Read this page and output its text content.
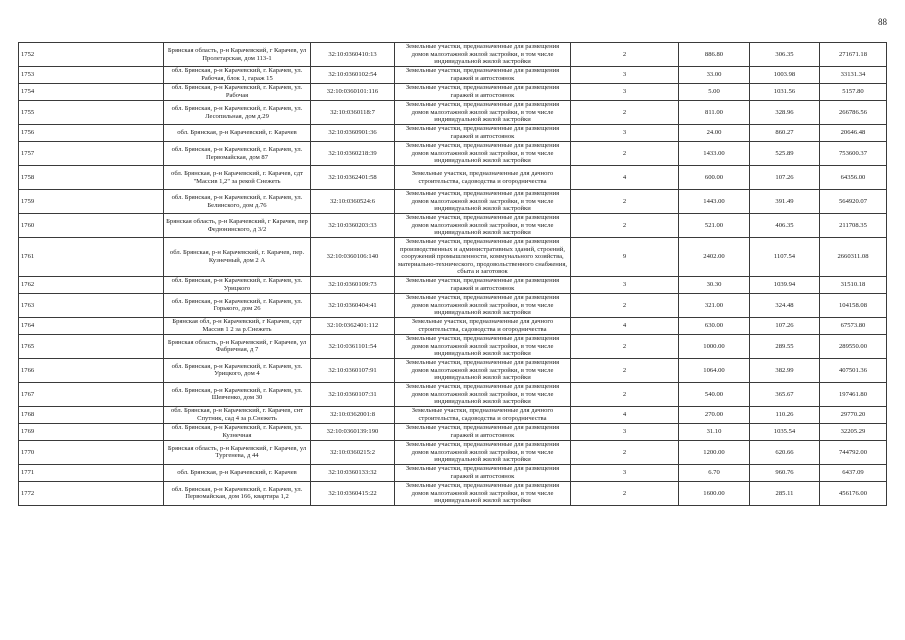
88
1752	Брянская область, р-н Карачевский, г Карачев, ул Пролетарская, дом 113-1	32:10:0360410:13	Земельные участки, предназначенные для размещения домов малоэтажной жилой застройки, в том числе индивидуальной жилой застройки	2	886.80	306.35	271671.18
1753	обл. Брянская, р-н Карачевский, г. Карачев, ул. Рабочая, блок 1, гараж 15	32:10:0360102:54	Земельные участки, предназначенные для размещения гаражей и автостоянок	3	33.00	1003.98	33131.34
1754	обл. Брянская, р-н Карачевский, г. Карачев, ул. Рабочая	32:10:0360101:116	Земельные участки, предназначенные для размещения гаражей и автостоянок	3	5.00	1031.56	5157.80
1755	обл. Брянская, р-н Карачевский, г. Карачев, ул. Лесопильная, дом д.29	32:10:0360118:7	Земельные участки, предназначенные для размещения домов малоэтажной жилой застройки, в том числе индивидуальной жилой застройки	2	811.00	328.96	266786.56
1756	обл. Брянская, р-н Карачевский, г. Карачев	32:10:0360901:36	Земельные участки, предназначенные для размещения гаражей и автостоянок	3	24.00	860.27	20646.48
1757	обл. Брянская, р-н Карачевский, г. Карачев, ул. Первомайская, дом 87	32:10:0360218:39	Земельные участки, предназначенные для размещения домов малоэтажной жилой застройки, в том числе индивидуальной жилой застройки	2	1433.00	525.89	753600.37
1758	обл. Брянская, р-н Карачевский, г. Карачев, сдт "Массив 1,2" за рекой Снежеть	32:10:0362401:58	Земельные участки, предназначенные для дачного строительства, садоводства и огородничества	4	600.00	107.26	64356.00
1759	обл. Брянская, р-н Карачевский, г. Карачев, ул. Белинского, дом д.76	32:10:0360524:6	Земельные участки, предназначенные для размещения домов малоэтажной жилой застройки, в том числе индивидуальной жилой застройки	2	1443.00	391.49	564920.07
1760	Брянская область, р-н Карачевский, г Карачев, пер Федюнинского, д 3/2	32:10:0360203:33	Земельные участки, предназначенные для размещения домов малоэтажной жилой застройки, в том числе индивидуальной жилой застройки	2	521.00	406.35	211708.35
1761	обл. Брянская, р-н Карачевский, г. Карачев, пер. Кузнечный, дом 2 А	32:10:0360106:140	Земельные участки, предназначенные для размещения производственных и административных зданий, строений, сооружений промышленности, коммунального хозяйства, материально-технического, продовольственного снабжения, сбыта и заготовок	9	2402.00	1107.54	2660311.08
1762	обл. Брянская, р-н Карачевский, г. Карачев, ул. Урицкого	32:10:0360109:73	Земельные участки, предназначенные для размещения гаражей и автостоянок	3	30.30	1039.94	31510.18
1763	обл. Брянская, р-н Карачевский, г. Карачев, ул. Горького, дом 26	32:10:0360404:41	Земельные участки, предназначенные для размещения домов малоэтажной жилой застройки, в том числе индивидуальной жилой застройки	2	321.00	324.48	104158.08
1764	Брянская обл, р-н Карачевский, г Карачев, сдт Массив 1 2 за р.Снежеть	32:10:0362401:112	Земельные участки, предназначенные для дачного строительства, садоводства и огородничества	4	630.00	107.26	67573.80
1765	Брянская область, р-н Карачевский, г Карачев, ул Фабричная, д 7	32:10:0361101:54	Земельные участки, предназначенные для размещения домов малоэтажной жилой застройки, в том числе индивидуальной жилой застройки	2	1000.00	289.55	289550.00
1766	обл. Брянская, р-н Карачевский, г. Карачев, ул. Урицкого, дом 4	32:10:0360107:91	Земельные участки, предназначенные для размещения домов малоэтажной жилой застройки, в том числе индивидуальной жилой застройки	2	1064.00	382.99	407501.36
1767	обл. Брянская, р-н Карачевский, г. Карачев, ул. Шевченко, дом 30	32:10:0360107:31	Земельные участки, предназначенные для размещения домов малоэтажной жилой застройки, в том числе индивидуальной жилой застройки	2	540.00	365.67	197461.80
1768	обл. Брянская, р-н Карачевский, г. Карачев, снт Спутник, сад 4 за р.Снежеть	32:10:0362001:8	Земельные участки, предназначенные для дачного строительства, садоводства и огородничества	4	270.00	110.26	29770.20
1769	обл. Брянская, р-н Карачевский, г. Карачев, ул. Кузнечная	32:10:0360139:190	Земельные участки, предназначенные для размещения гаражей и автостоянок	3	31.10	1035.54	32205.29
1770	Брянская область, р-н Карачевский, г Карачев, ул Тургенева, д 44	32:10:0360215:2	Земельные участки, предназначенные для размещения домов малоэтажной жилой застройки, в том числе индивидуальной жилой застройки	2	1200.00	620.66	744792.00
1771	обл. Брянская, р-н Карачевский, г. Карачев	32:10:0360133:32	Земельные участки, предназначенные для размещения гаражей и автостоянок	3	6.70	960.76	6437.09
1772	обл. Брянская, р-н Карачевский, г. Карачев, ул. Первомайская, дом 166, квартира 1,2	32:10:0360415:22	Земельные участки, предназначенные для размещения домов малоэтажной жилой застройки, в том числе индивидуальной жилой застройки	2	1600.00	285.11	456176.00
